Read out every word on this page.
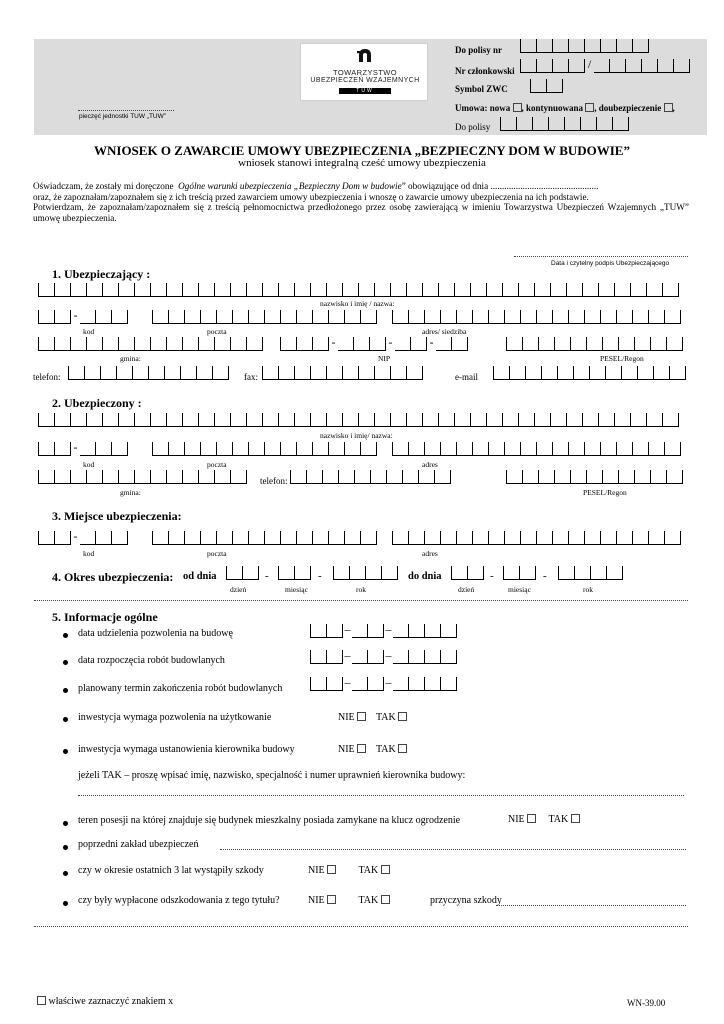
TOWARZYSTWO
UBEZPIECZEŃ WZAJEMNYCH
TUW
pieczęć jednostki TUW „TUW”
Do polisy nr
Nr członkowski	/
Symbol ZWC
Umowa: nowa , kontynuowana , doubezpieczenie ,
Do polisy
WNIOSEK O ZAWARCIE UMOWY UBEZPIECZENIA „BEZPIECZNY DOM W BUDOWIE”
wniosek stanowi integralną cześć umowy ubezpieczenia

Oświadczam, że zostały mi doręczone Ogólne warunki ubezpieczenia „Bezpieczny Dom w budowie” obowiązujące od dnia ...............................................

oraz, że zapoznałam/zapoznałem się z ich treścią przed zawarciem umowy ubezpieczenia i wnoszę o zawarcie umowy ubezpieczenia na ich podstawie.

Potwierdzam, że zapoznałam/zapoznałem się z treścią pełnomocnictwa przedłożonego przez osobę zawierającą w imieniu Towarzystwa Ubezpieczeń Wzajemnych „TUW” umowę ubezpieczenia.

Data i czytelny podpis Ubezpieczającego
1. Ubezpieczający :
nazwisko i imię / nazwa:
-
kod	poczta	adres/ siedziba
-	-	-
gmina:	NIP	PESEL/Regon
telefon:	fax:	e-mail
2. Ubezpieczony :
nazwisko i imię/ nazwa:
-
kod	poczta	adres
telefon:
gmina:	PESEL/Regon
3. Miejsce ubezpieczenia:
-
kod	poczta	adres
4. Okres ubezpieczenia: od dnia	-	-	do dnia	-	-
dzień	miesiąc	rok	dzień	miesiąc	rok
5. Informacje ogólne
data udzielenia pozwolenia na budowę	–	–
data rozpoczęcia robót budowlanych	–	–
planowany termin zakończenia robót budowlanych	–	–
inwestycja wymaga pozwolenia na użytkowanie	NIE TAK
inwestycja wymaga ustanowienia kierownika budowy	NIE TAK
jeżeli TAK – proszę wpisać imię, nazwisko, specjalność i numer uprawnień kierownika budowy:
teren posesji na której znajduje się budynek mieszkalny posiada zamykane na klucz ogrodzenie	NIE TAK
poprzedni zakład ubezpieczeń
czy w okresie ostatnich 3 lat wystąpiły szkody	NIE	TAK
czy były wypłacone odszkodowania z tego tytułu?	NIE	TAK	przyczyna szkody
właściwe zaznaczyć znakiem x	WN-39.00
